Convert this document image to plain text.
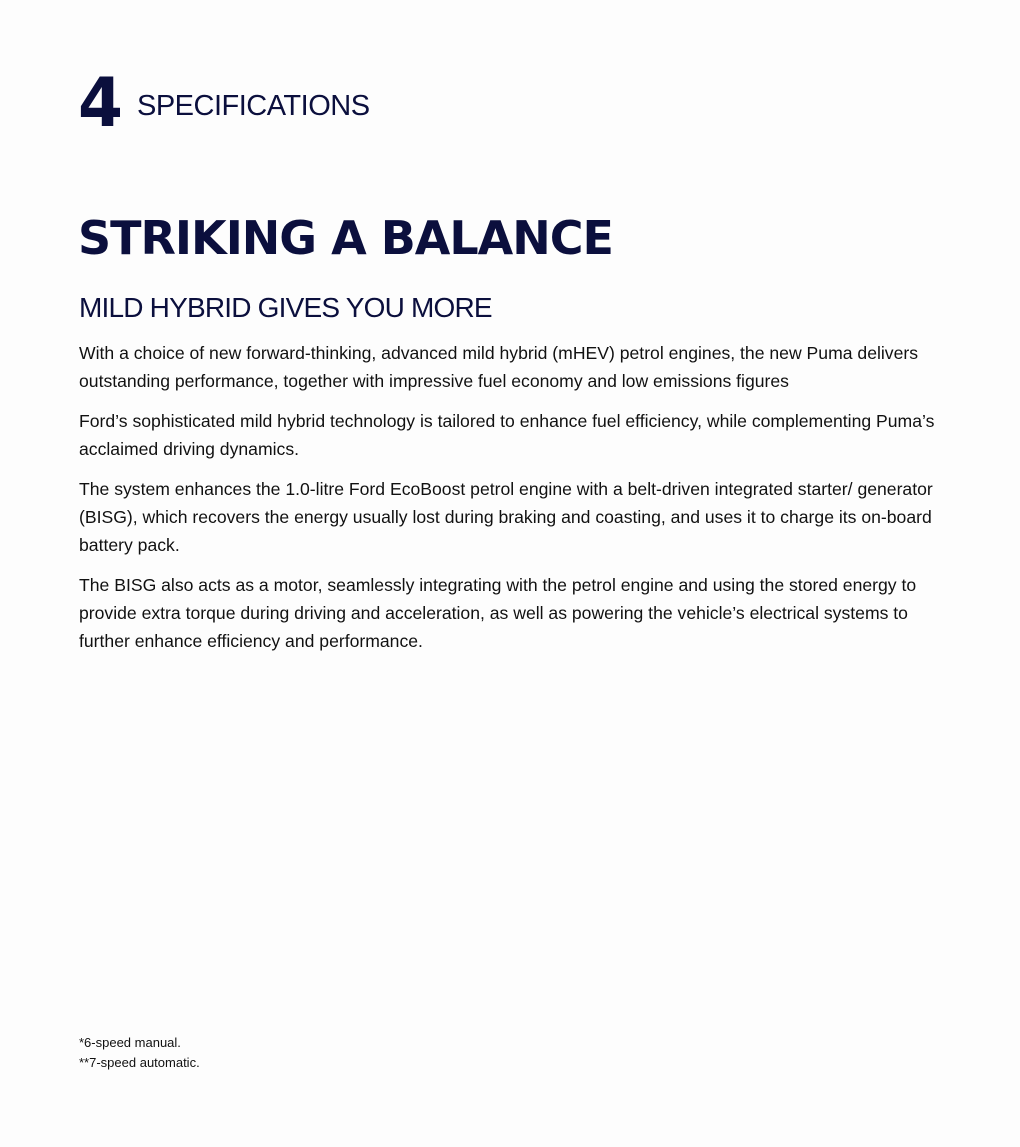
4 SPECIFICATIONS
STRIKING A BALANCE
MILD HYBRID GIVES YOU MORE

With a choice of new forward-thinking, advanced mild hybrid (mHEV) petrol engines, the new Puma delivers outstanding performance, together with impressive fuel economy and low emissions figures

Ford’s sophisticated mild hybrid technology is tailored to enhance fuel efficiency, while complementing Puma’s acclaimed driving dynamics.

The system enhances the 1.0-litre Ford EcoBoost petrol engine with a belt-driven integrated starter/ generator (BISG), which recovers the energy usually lost during braking and coasting, and uses it to charge its on-board battery pack.

The BISG also acts as a motor, seamlessly integrating with the petrol engine and using the stored energy to provide extra torque during driving and acceleration, as well as powering the vehicle’s electrical systems to further enhance efficiency and performance.

*6-speed manual.
**7-speed automatic.
